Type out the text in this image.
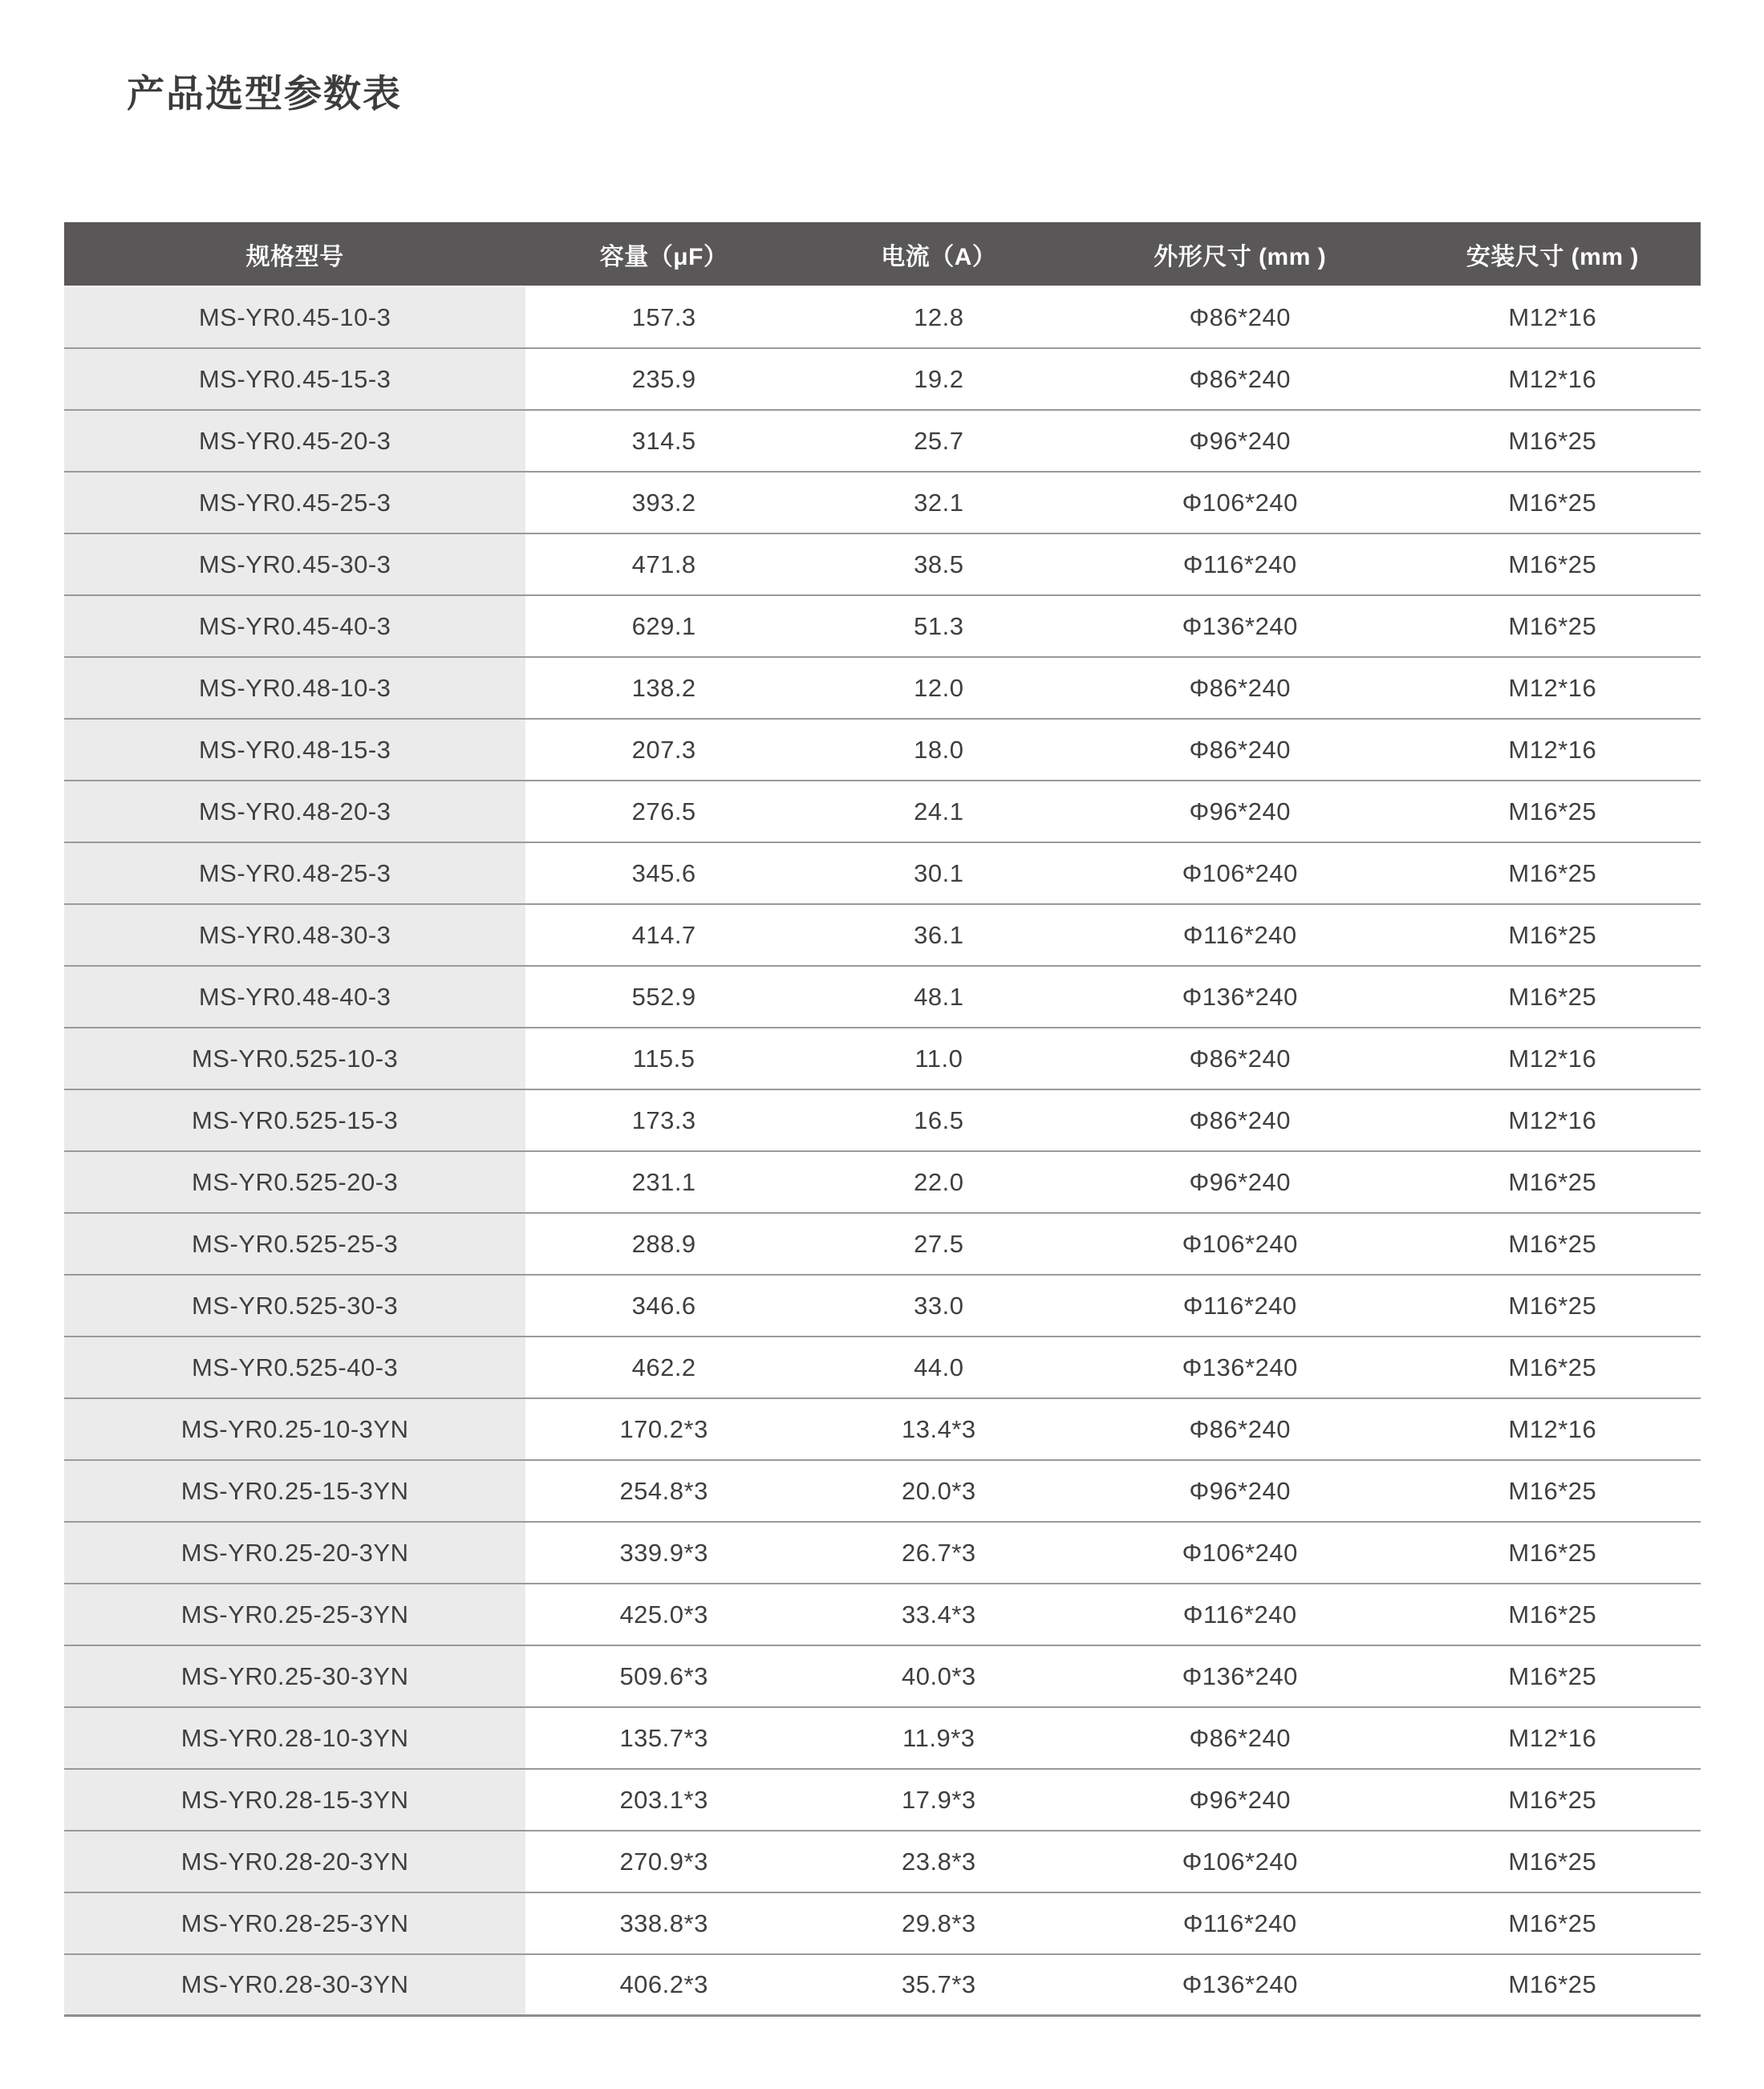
产品选型参数表
规格型号	容量（μF）	电流（A）	外形尺寸 (mm )	安装尺寸 (mm )
MS-YR0.45-10-3	157.3	12.8	Φ86*240	M12*16
MS-YR0.45-15-3	235.9	19.2	Φ86*240	M12*16
MS-YR0.45-20-3	314.5	25.7	Φ96*240	M16*25
MS-YR0.45-25-3	393.2	32.1	Φ106*240	M16*25
MS-YR0.45-30-3	471.8	38.5	Φ116*240	M16*25
MS-YR0.45-40-3	629.1	51.3	Φ136*240	M16*25
MS-YR0.48-10-3	138.2	12.0	Φ86*240	M12*16
MS-YR0.48-15-3	207.3	18.0	Φ86*240	M12*16
MS-YR0.48-20-3	276.5	24.1	Φ96*240	M16*25
MS-YR0.48-25-3	345.6	30.1	Φ106*240	M16*25
MS-YR0.48-30-3	414.7	36.1	Φ116*240	M16*25
MS-YR0.48-40-3	552.9	48.1	Φ136*240	M16*25
MS-YR0.525-10-3	115.5	11.0	Φ86*240	M12*16
MS-YR0.525-15-3	173.3	16.5	Φ86*240	M12*16
MS-YR0.525-20-3	231.1	22.0	Φ96*240	M16*25
MS-YR0.525-25-3	288.9	27.5	Φ106*240	M16*25
MS-YR0.525-30-3	346.6	33.0	Φ116*240	M16*25
MS-YR0.525-40-3	462.2	44.0	Φ136*240	M16*25
MS-YR0.25-10-3YN	170.2*3	13.4*3	Φ86*240	M12*16
MS-YR0.25-15-3YN	254.8*3	20.0*3	Φ96*240	M16*25
MS-YR0.25-20-3YN	339.9*3	26.7*3	Φ106*240	M16*25
MS-YR0.25-25-3YN	425.0*3	33.4*3	Φ116*240	M16*25
MS-YR0.25-30-3YN	509.6*3	40.0*3	Φ136*240	M16*25
MS-YR0.28-10-3YN	135.7*3	11.9*3	Φ86*240	M12*16
MS-YR0.28-15-3YN	203.1*3	17.9*3	Φ96*240	M16*25
MS-YR0.28-20-3YN	270.9*3	23.8*3	Φ106*240	M16*25
MS-YR0.28-25-3YN	338.8*3	29.8*3	Φ116*240	M16*25
MS-YR0.28-30-3YN	406.2*3	35.7*3	Φ136*240	M16*25
